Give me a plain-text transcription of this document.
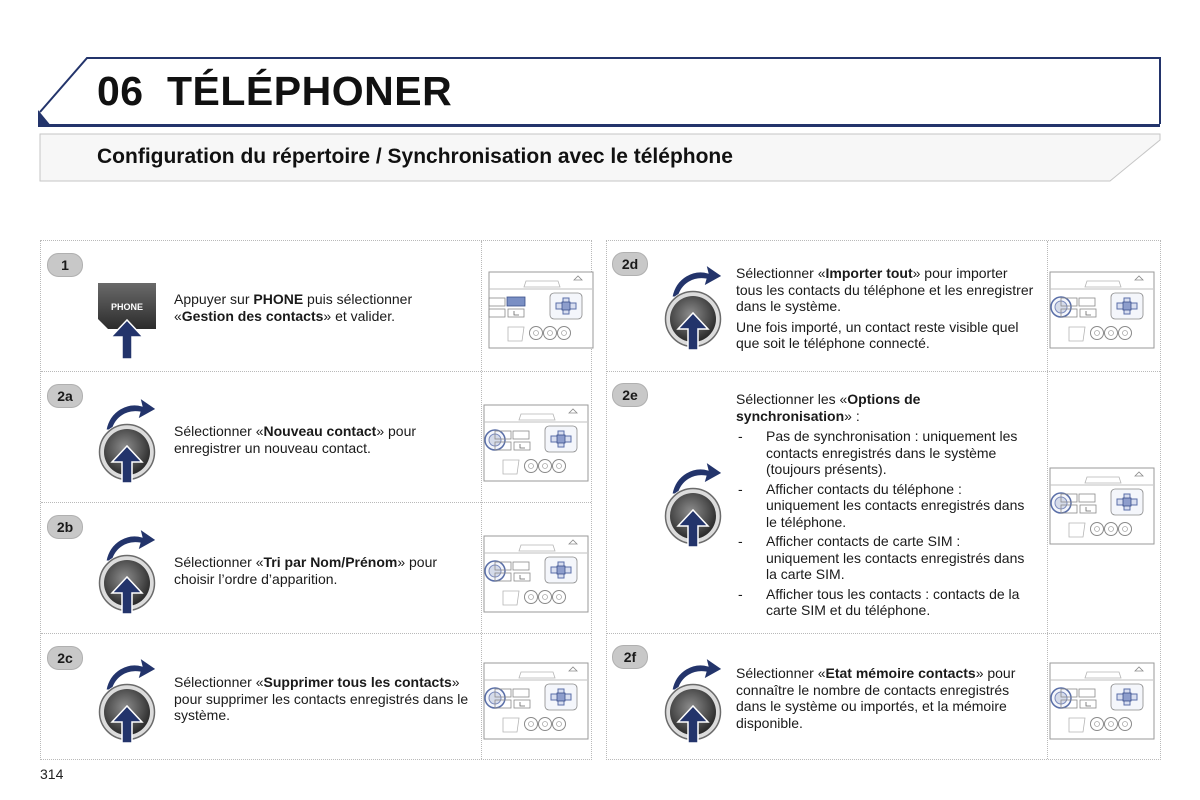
06 TÉLÉPHONER
Configuration du répertoire / Synchronisation avec le téléphone
1
PHONE Appuyer sur PHONE puis sélectionner «Gestion des contacts» et valider.

2a

Sélectionner «Nouveau contact» pour enregistrer un nouveau contact.

2b

Sélectionner «Tri par Nom/Prénom» pour choisir l’ordre d’apparition.

2c

Sélectionner «Supprimer tous les contacts» pour supprimer les contacts enregistrés dans le système.

2d

Sélectionner «Importer tout» pour importer tous les contacts du téléphone et les enregistrer dans le système.

Une fois importé, un contact reste visible quel que soit le téléphone connecté.

2e	Sélectionner les «Options de synchronisation» :

- Pas de synchronisation : uniquement les contacts enregistrés dans le système (toujours présents).
- Afficher contacts du téléphone : uniquement les contacts enregistrés dans le téléphone.
- Afficher contacts de carte SIM : uniquement les contacts enregistrés dans la carte SIM.
- Afficher tous les contacts : contacts de la carte SIM et du téléphone.
2f

Sélectionner «Etat mémoire contacts» pour connaître le nombre de contacts enregistrés dans le système ou importés, et la mémoire disponible.

314
